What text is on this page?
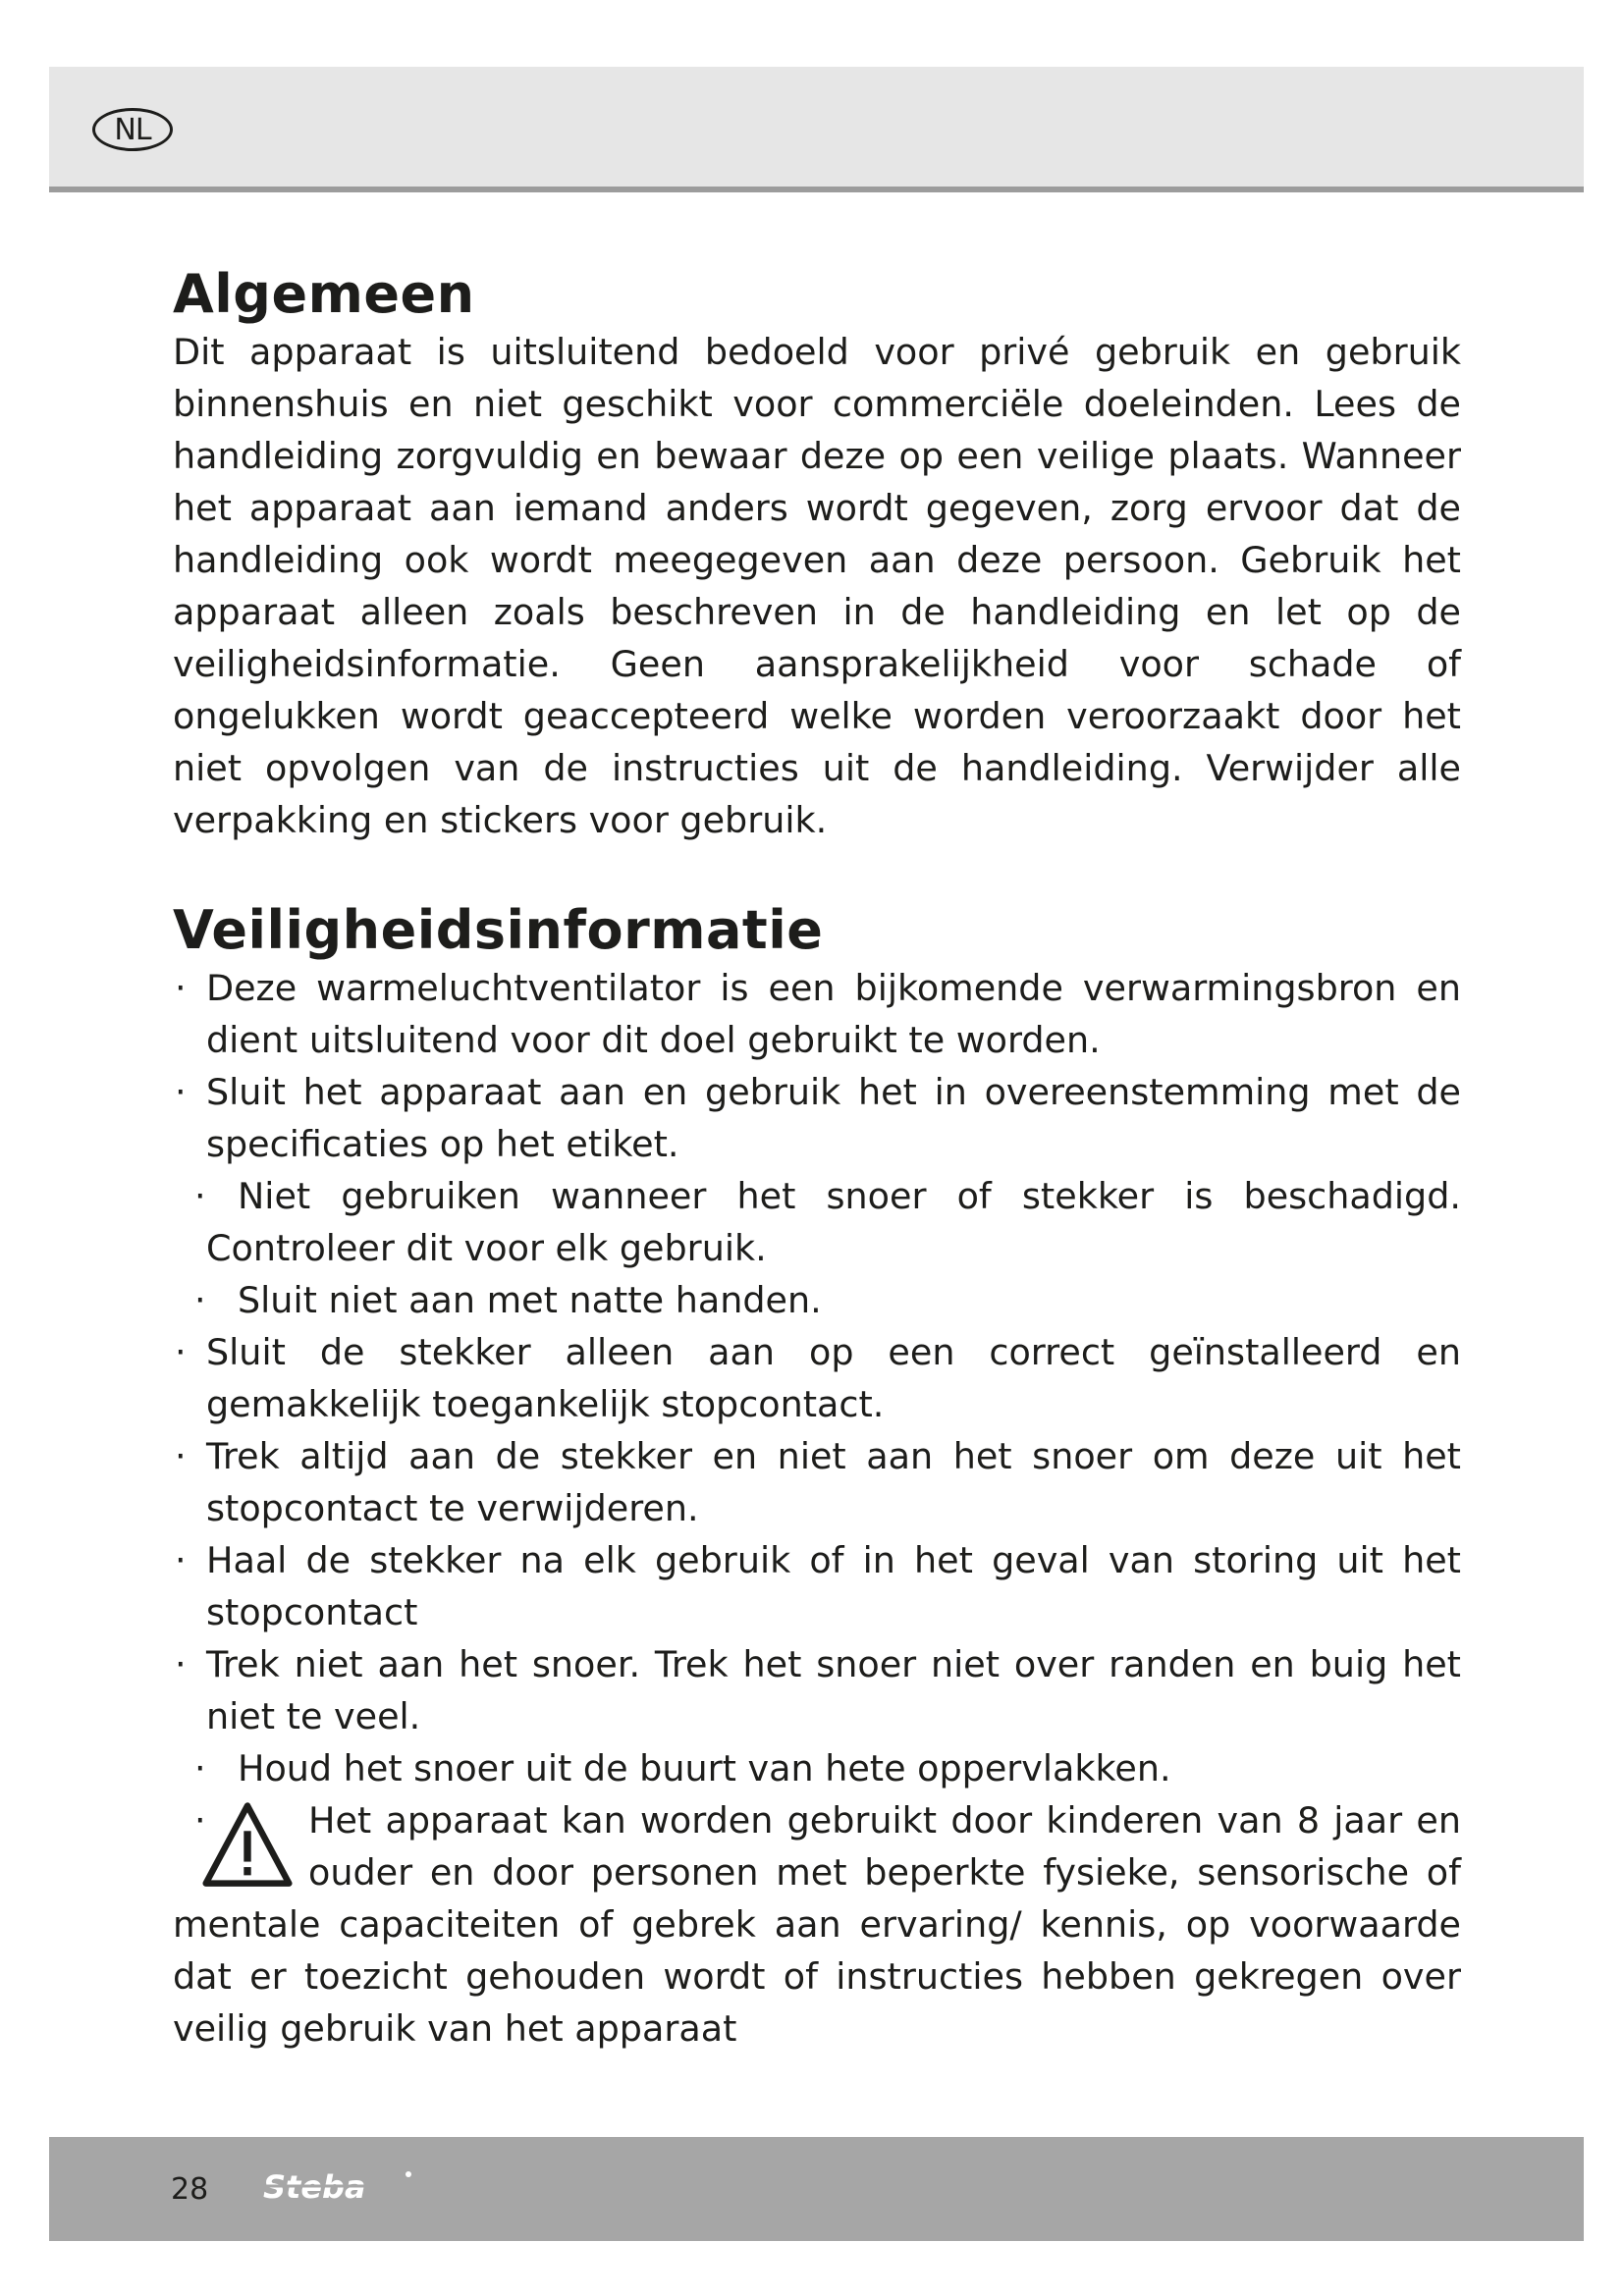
NL
Algemeen

Dit apparaat is uitsluitend bedoeld voor privé gebruik en gebruik binnenshuis en niet geschikt voor commerciële doeleinden. Lees de handleiding zorgvuldig en bewaar deze op een veilige plaats. Wanneer het apparaat aan iemand anders wordt gegeven, zorg ervoor dat de handleiding ook wordt meegegeven aan deze persoon. Gebruik het apparaat alleen zoals beschreven in de handleiding en let op de veiligheidsinformatie. Geen aansprakelijkheid voor schade of ongelukken wordt geaccepteerd welke worden veroorzaakt door het niet opvolgen van de instructies uit de handleiding. Verwijder alle verpakking en stickers voor gebruik.

Veiligheidsinformatie
· Deze warmeluchtventilator is een bijkomende verwarmingsbron en dient uitsluitend voor dit doel gebruikt te worden.
· Sluit het apparaat aan en gebruik het in overeenstemming met de specificaties op het etiket.
· Niet gebruiken wanneer het snoer of stekker is beschadigd. Controleer dit voor elk gebruik.
· Sluit niet aan met natte handen.
· Sluit de stekker alleen aan op een correct geïnstalleerd en gemakkelijk toegankelijk stopcontact.
· Trek altijd aan de stekker en niet aan het snoer om deze uit het stopcontact te verwijderen.
· Haal de stekker na elk gebruik of in het geval van storing uit het stopcontact
· Trek niet aan het snoer. Trek het snoer niet over randen en buig het niet te veel.
· Houd het snoer uit de buurt van hete oppervlakken.
·	Het apparaat kan worden gebruikt door kinderen van 8 jaar en ouder en door personen met beperkte fysieke, sensorische of mentale capaciteiten of gebrek aan ervaring/ kennis, op voorwaarde dat er toezicht gehouden wordt of instructies hebben gekregen over veilig gebruik van het apparaat
28 Steba
